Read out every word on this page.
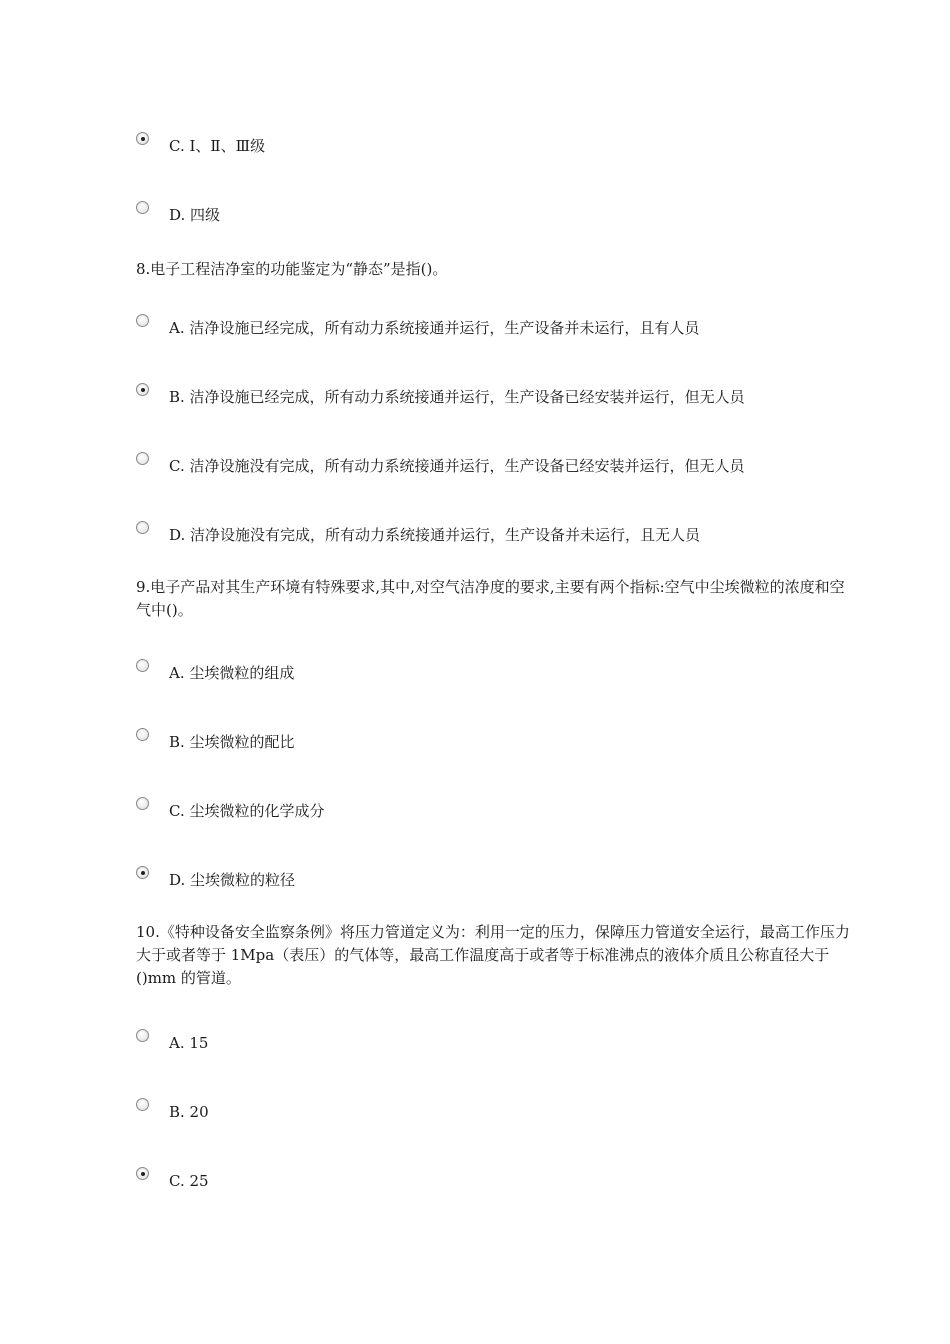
C. Ⅰ、Ⅱ、Ⅲ级
D. 四级
8.电子工程洁净室的功能鉴定为“静态”是指()。
A. 洁净设施已经完成，所有动力系统接通并运行，生产设备并未运行，且有人员
B. 洁净设施已经完成，所有动力系统接通并运行，生产设备已经安装并运行，但无人员
C. 洁净设施没有完成，所有动力系统接通并运行，生产设备已经安装并运行，但无人员
D. 洁净设施没有完成，所有动力系统接通并运行，生产设备并未运行，且无人员
9.电子产品对其生产环境有特殊要求,其中,对空气洁净度的要求,主要有两个指标:空气中尘埃微粒的浓度和空气中()。
A. 尘埃微粒的组成
B. 尘埃微粒的配比
C. 尘埃微粒的化学成分
D. 尘埃微粒的粒径
10.《特种设备安全监察条例》将压力管道定义为：利用一定的压力，保障压力管道安全运行，最高工作压力大于或者等于 1Mpa（表压）的气体等，最高工作温度高于或者等于标准沸点的液体介质且公称直径大于()mm 的管道。
A. 15
B. 20
C. 25
